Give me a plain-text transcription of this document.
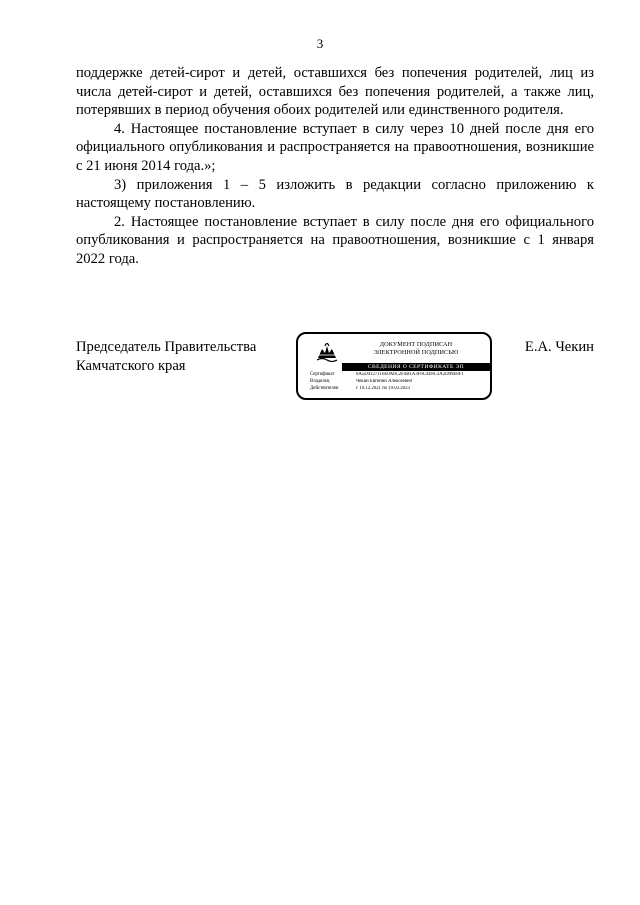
3

поддержке детей-сирот и детей, оставшихся без попечения родителей, лиц из числа детей-сирот и детей, оставшихся без попечения родителей, а также лиц, потерявших в период обучения обоих родителей или единственного родителя.

4. Настоящее постановление вступает в силу через 10 дней после дня его официального опубликования и распространяется на правоотношения, возникшие с 21 июня 2014 года.»;

3) приложения 1 – 5 изложить в редакции согласно приложению к настоящему постановлению.

2. Настоящее постановление вступает в силу после дня его официального опубликования и распространяется на правоотношения, возникшие с 1 января 2022 года.

Председатель Правительства
Камчатского края
ДОКУМЕНТ ПОДПИСАН
ЭЛЕКТРОННОЙ ПОДПИСЬЮ
СВЕДЕНИЯ О СЕРТИФИКАТЕ ЭП
Сертификат	0A5D4127116E0A6C2F4B1A3F6C4E8C3A2D09E8F1
Владелец	Чекин Евгений Алексеевич
Действителен	с 19.12.2021 по 19.03.2023
Е.А. Чекин
